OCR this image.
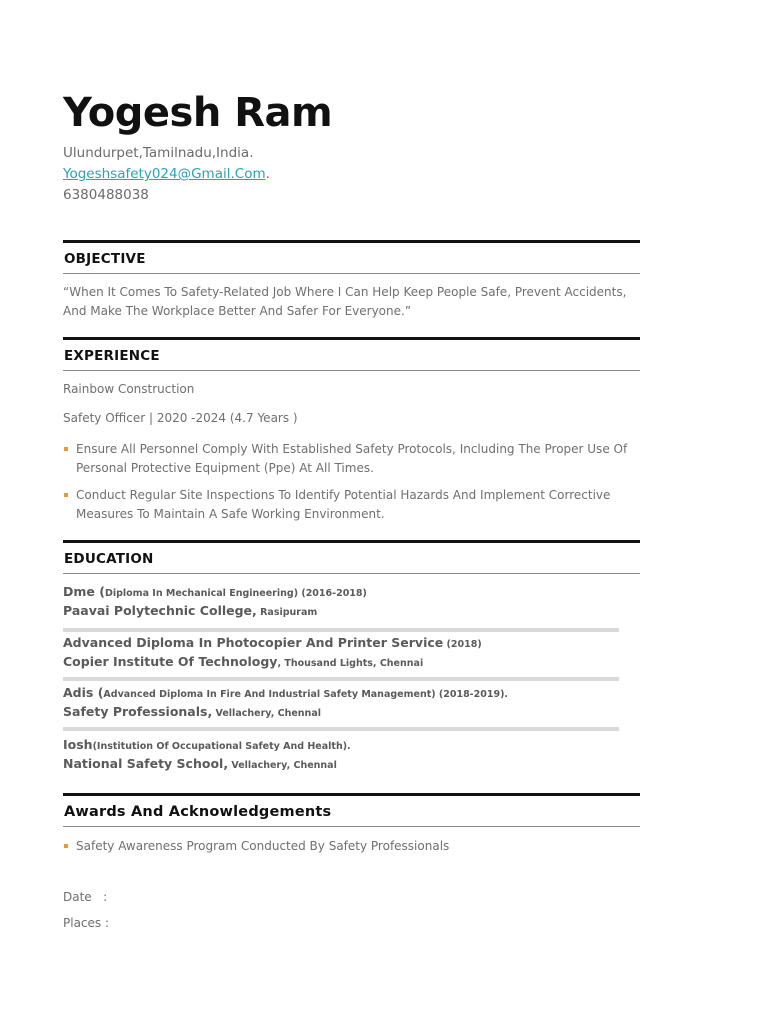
Yogesh Ram
Ulundurpet,Tamilnadu,India.
Yogeshsafety024@Gmail.Com.
6380488038
OBJECTIVE
“When It Comes To Safety-Related Job Where I Can Help Keep People Safe, Prevent Accidents, And Make The Workplace Better And Safer For Everyone.”
EXPERIENCE
Rainbow Construction
Safety Officer | 2020 -2024 (4.7 Years )
Ensure All Personnel Comply With Established Safety Protocols, Including The Proper Use Of Personal Protective Equipment (Ppe) At All Times.
Conduct Regular Site Inspections To Identify Potential Hazards And Implement Corrective Measures To Maintain A Safe Working Environment.
EDUCATION
Dme (Diploma In Mechanical Engineering) (2016-2018)
Paavai Polytechnic College, Rasipuram
Advanced Diploma In Photocopier And Printer Service (2018)
Copier Institute Of Technology, Thousand Lights, Chennai
Adis (Advanced Diploma In Fire And Industrial Safety Management) (2018-2019).
Safety Professionals, Vellachery, Chennal
Iosh(Institution Of Occupational Safety And Health).
National Safety School, Vellachery, Chennal
Awards And Acknowledgements
Safety Awareness Program Conducted By Safety Professionals
Date   :
Places :
